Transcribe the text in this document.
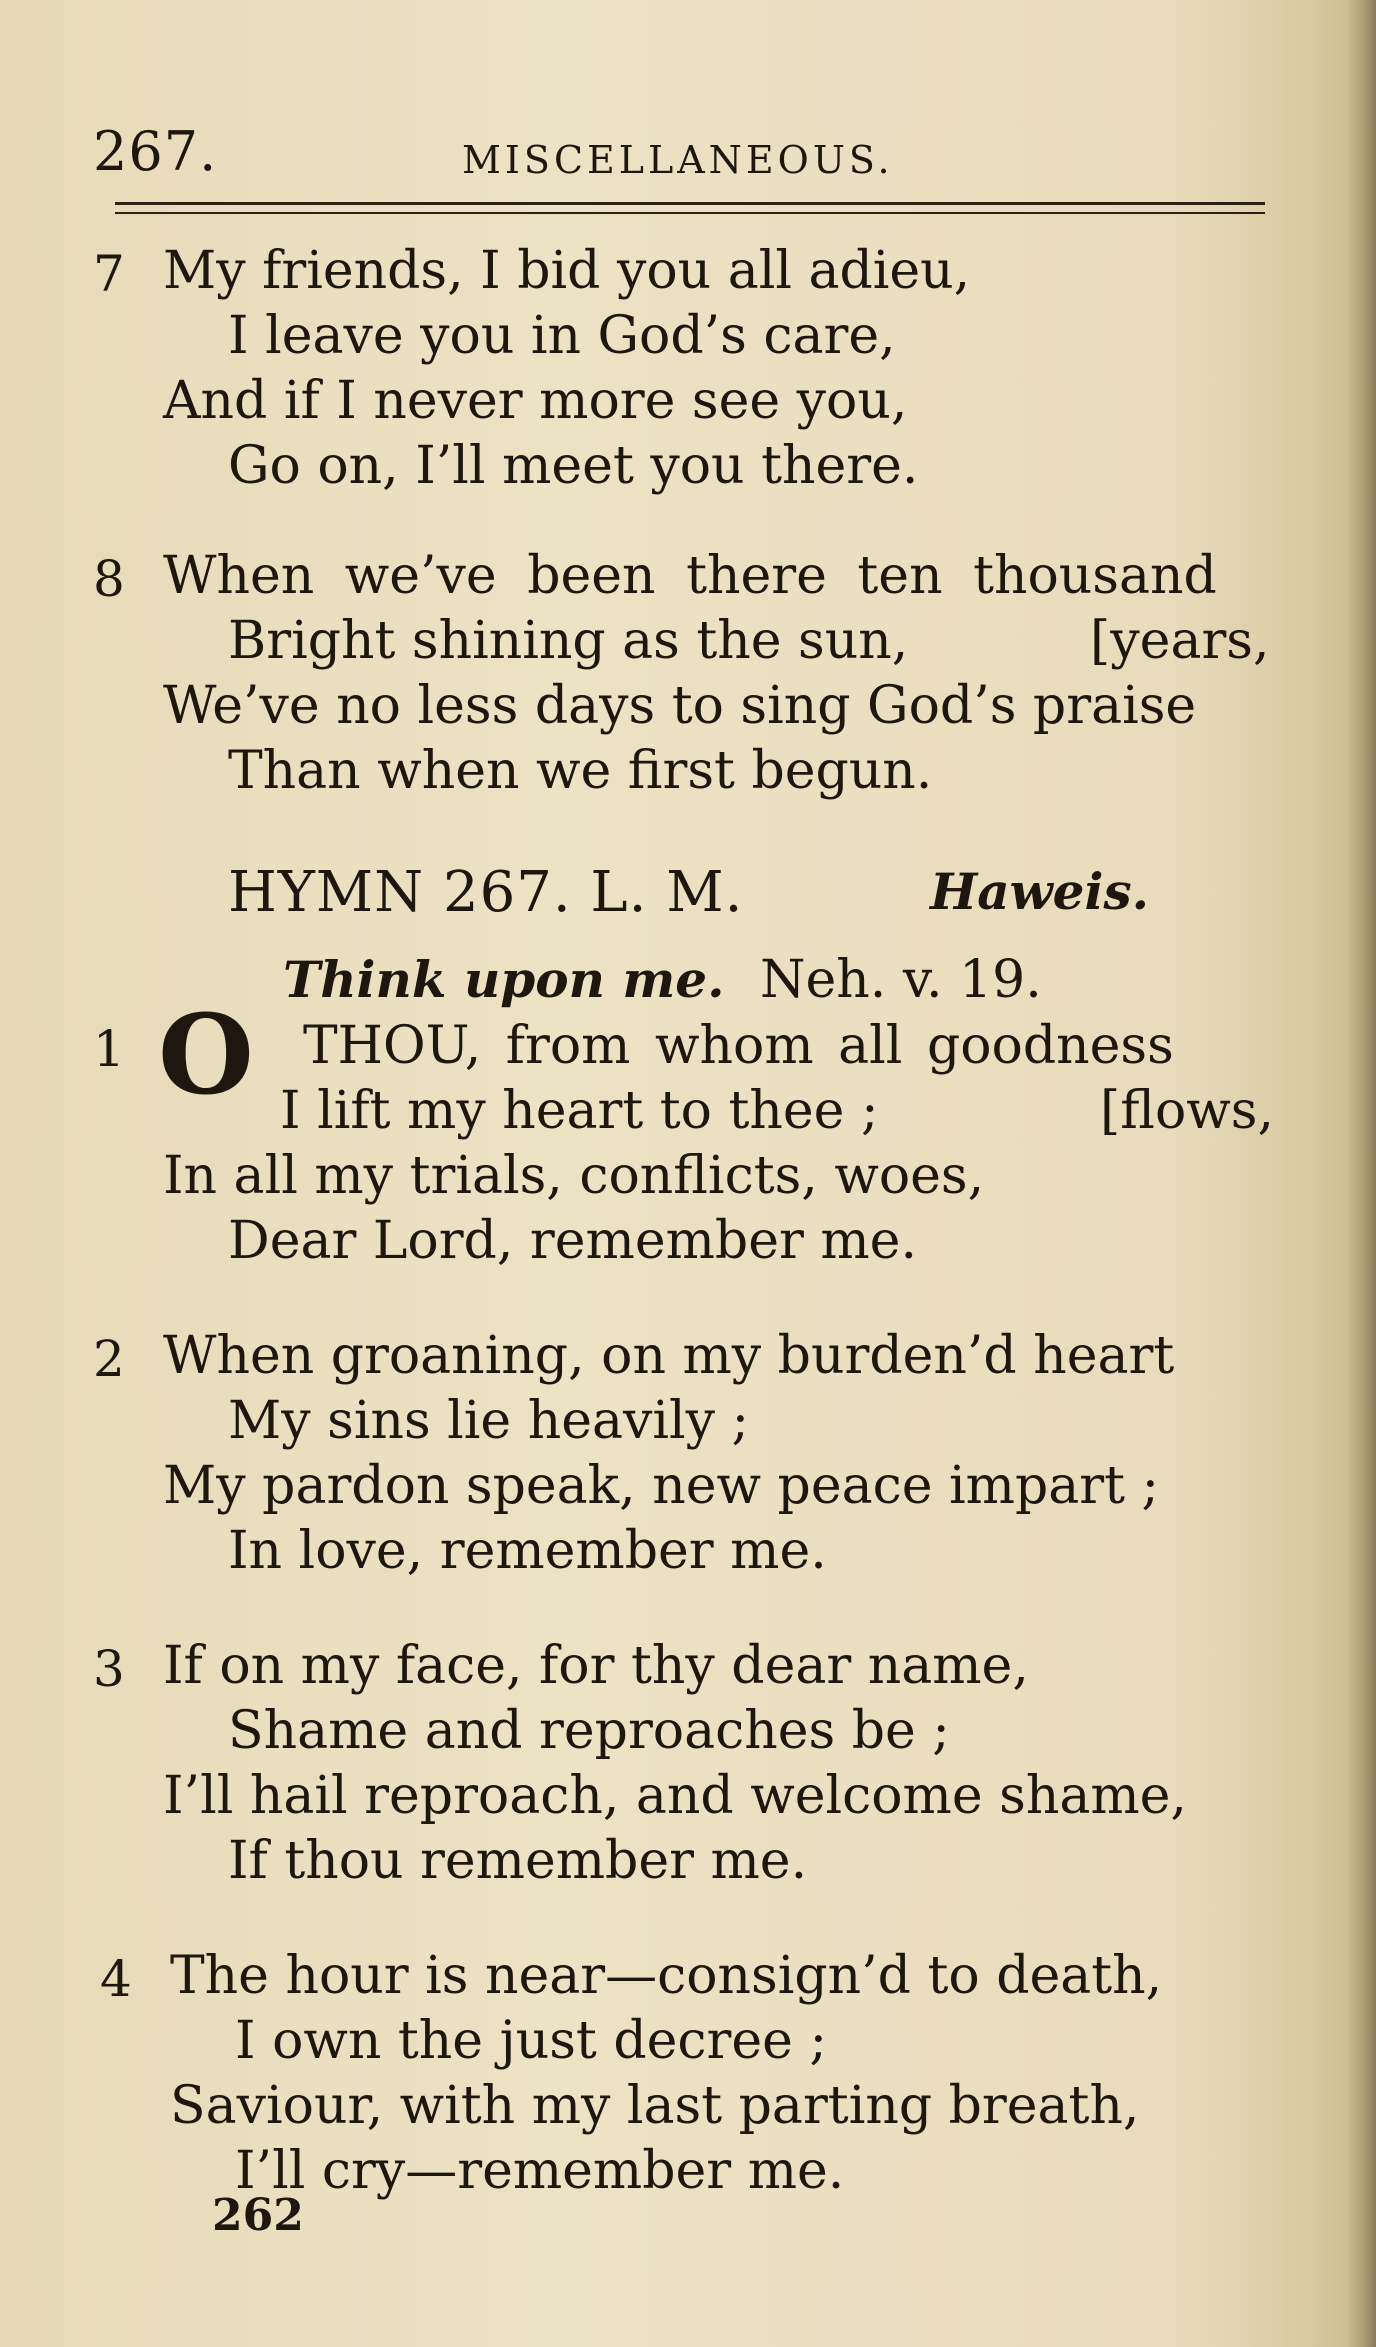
267.	MISCELLANEOUS.
7 My friends, I bid you all adieu,
I leave you in God’s care,
And if I never more see you,
Go on, I’ll meet you there.
8 When we’ve been there ten thousand
Bright shining as the sun,	[years,
We’ve no less days to sing God’s praise
Than when we first begun.
HYMN 267. L. M.	Haweis.
Think upon me. Neh. v. 19.
1 O THOU, from whom all goodness
I lift my heart to thee ;	[flows,
In all my trials, conflicts, woes,
Dear Lord, remember me.
2 When groaning, on my burden’d heart
My sins lie heavily ;
My pardon speak, new peace impart ;
In love, remember me.
3 If on my face, for thy dear name,
Shame and reproaches be ;
I’ll hail reproach, and welcome shame,
If thou remember me.
4 The hour is near—consign’d to death,
I own the just decree ;
Saviour, with my last parting breath,
I’ll cry—remember me.
262
